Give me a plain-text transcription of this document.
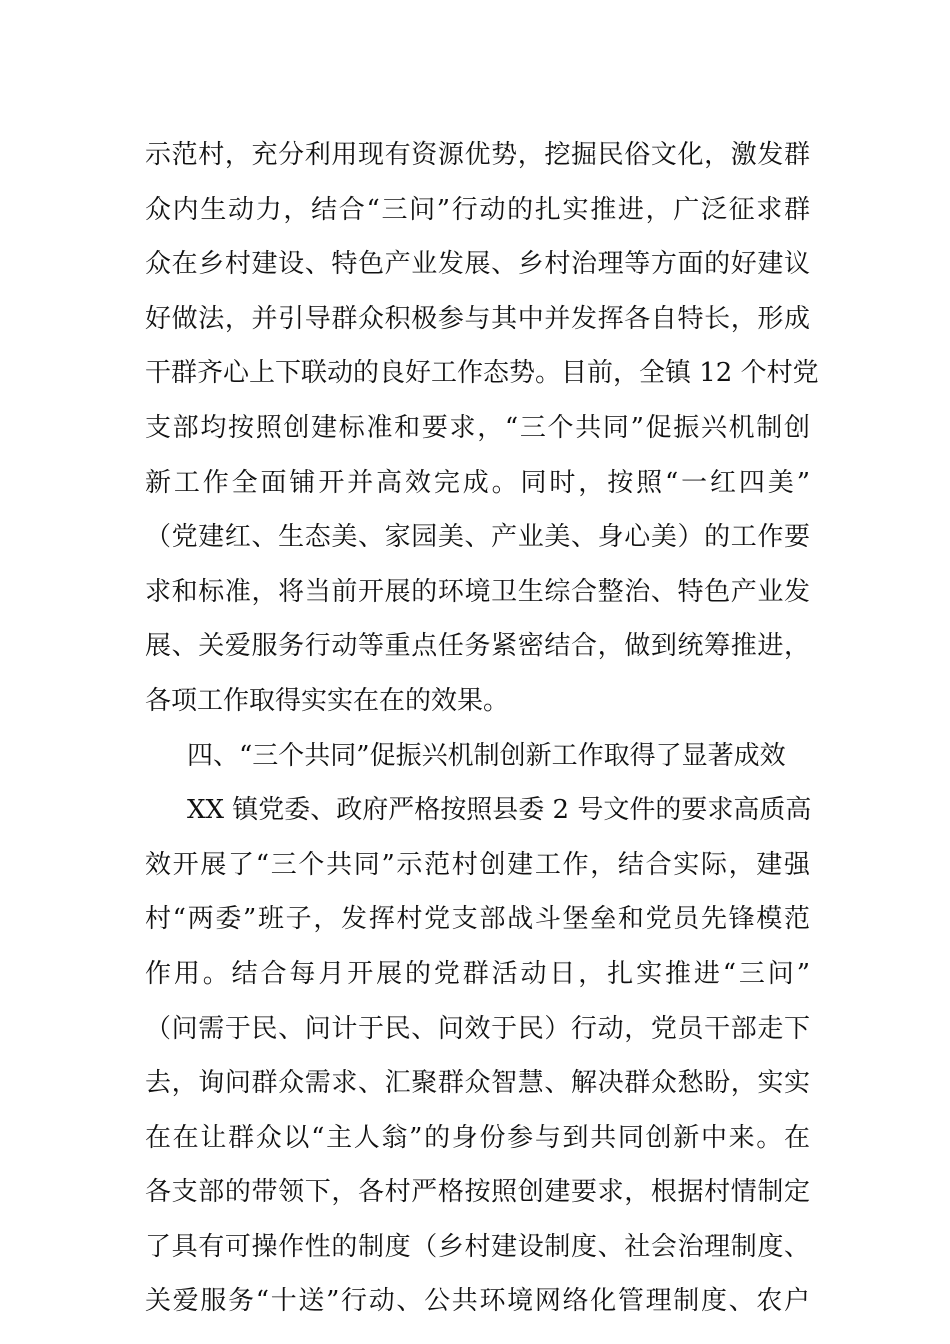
示范村，充分利用现有资源优势，挖掘民俗文化，激发群
众内生动力，结合“三问”行动的扎实推进，广泛征求群
众在乡村建设、特色产业发展、乡村治理等方面的好建议
好做法，并引导群众积极参与其中并发挥各自特长，形成
干群齐心上下联动的良好工作态势。目前，全镇 12 个村党
支部均按照创建标准和要求，“三个共同”促振兴机制创
新工作全面铺开并高效完成。同时，按照“一红四美”
（党建红、生态美、家园美、产业美、身心美）的工作要
求和标准，将当前开展的环境卫生综合整治、特色产业发
展、关爱服务行动等重点任务紧密结合，做到统筹推进，
各项工作取得实实在在的效果。
四、“三个共同”促振兴机制创新工作取得了显著成效
XX 镇党委、政府严格按照县委 2 号文件的要求高质高
效开展了“三个共同”示范村创建工作，结合实际，建强
村“两委”班子，发挥村党支部战斗堡垒和党员先锋模范
作用。结合每月开展的党群活动日，扎实推进“三问”
（问需于民、问计于民、问效于民）行动，党员干部走下
去，询问群众需求、汇聚群众智慧、解决群众愁盼，实实
在在让群众以“主人翁”的身份参与到共同创新中来。在
各支部的带领下，各村严格按照创建要求，根据村情制定
了具有可操作性的制度（乡村建设制度、社会治理制度、
关爱服务“十送”行动、公共环境网络化管理制度、农户
